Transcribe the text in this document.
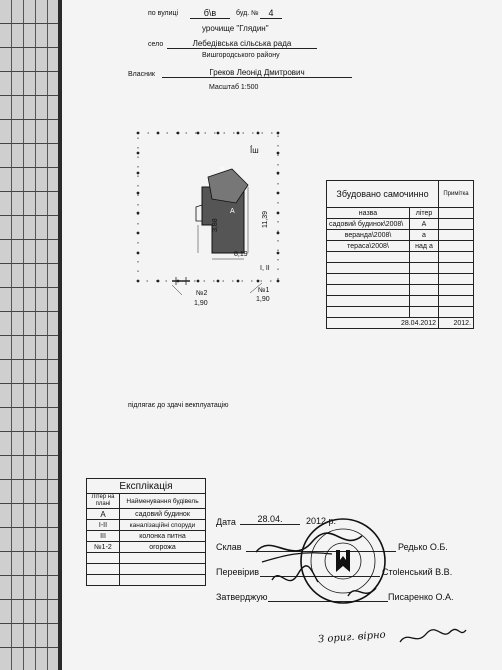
по вулиці	б\в	буд. №	4
урочище "Глядин"
село	Лебедівська сільська рада
Вишгородського району
Власник	Греков Леонід Дмитрович
Масштаб 1:500
Ī́ш
а
А
3,88	11,39
8,19
I, II
№2
1,90
№1
1,90
Збудовано самочинно		Примітка
назва	літер	
садовий будинок\2008\	А	
веранда\2008\	а	
тераса\2008\	над а	

28.04.2012		2012.
підлягає до здачі векплуатацію
Експлікація	
Літер на плані	Найменування будівель
А	садовий будинок
I-II	каналізаційні споруди
III	колонка питна
№1-2	огорожа

Дата	28.04.	2012 р.
Склав	Редько О.Б.
Перевірив	Стоlенський В.В.
Затверджую	Писаренко О.А.
З ориг. вірно
